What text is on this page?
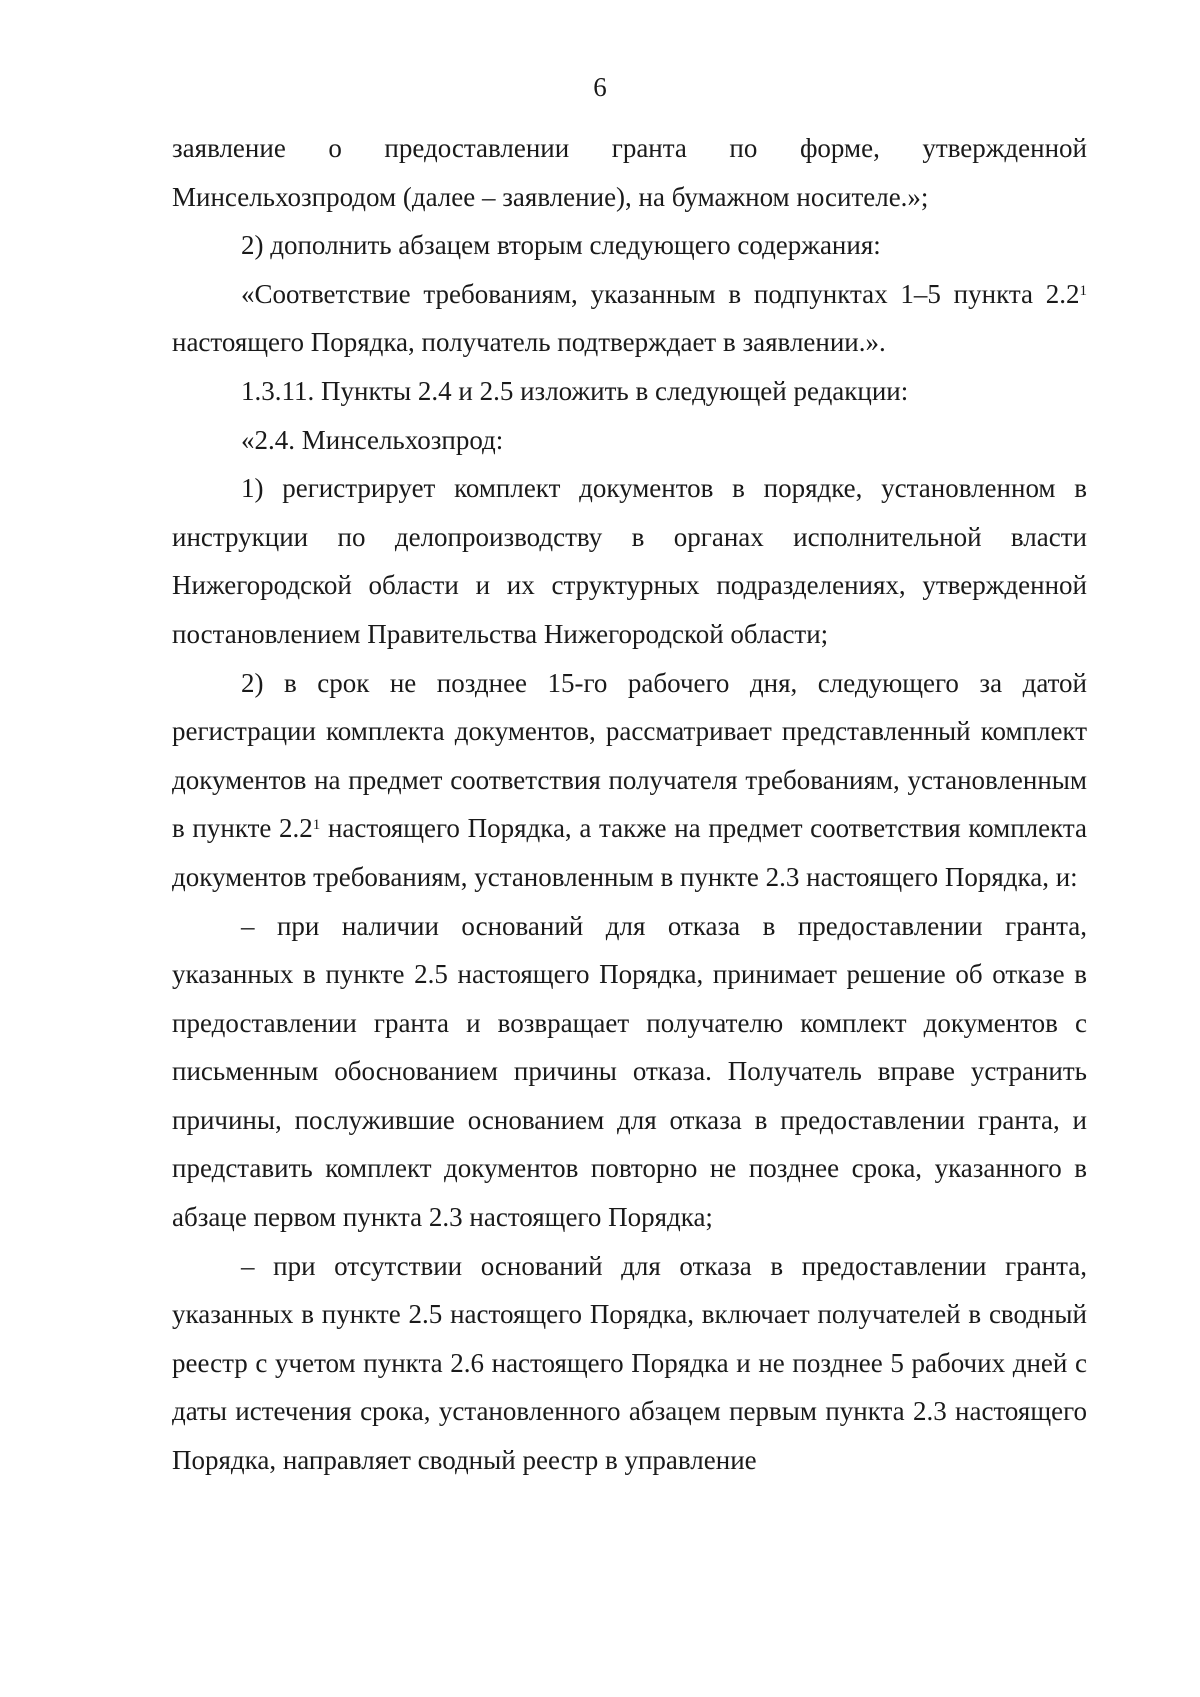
6

заявление о предоставлении гранта по форме, утвержденной Минсельхозпродом (далее – заявление), на бумажном носителе.»;

2) дополнить абзацем вторым следующего содержания:

«Соответствие требованиям, указанным в подпунктах 1–5 пункта $2.2^1$ настоящего Порядка, получатель подтверждает в заявлении.».

1.3.11. Пункты 2.4 и 2.5 изложить в следующей редакции:

«2.4. Минсельхозпрод:

1) регистрирует комплект документов в порядке, установленном в инструкции по делопроизводству в органах исполнительной власти Нижегородской области и их структурных подразделениях, утвержденной постановлением Правительства Нижегородской области;

2) в срок не позднее 15-го рабочего дня, следующего за датой регистрации комплекта документов, рассматривает представленный комплект документов на предмет соответствия получателя требованиям, установленным в пункте $2.2^1$ настоящего Порядка, а также на предмет соответствия комплекта документов требованиям, установленным в пункте 2.3 настоящего Порядка, и:

– при наличии оснований для отказа в предоставлении гранта, указанных в пункте 2.5 настоящего Порядка, принимает решение об отказе в предоставлении гранта и возвращает получателю комплект документов с письменным обоснованием причины отказа. Получатель вправе устранить причины, послужившие основанием для отказа в предоставлении гранта, и представить комплект документов повторно не позднее срока, указанного в абзаце первом пункта 2.3 настоящего Порядка;

– при отсутствии оснований для отказа в предоставлении гранта, указанных в пункте 2.5 настоящего Порядка, включает получателей в сводный реестр с учетом пункта 2.6 настоящего Порядка и не позднее 5 рабочих дней с даты истечения срока, установленного абзацем первым пункта 2.3 настоящего Порядка, направляет сводный реестр в управление
